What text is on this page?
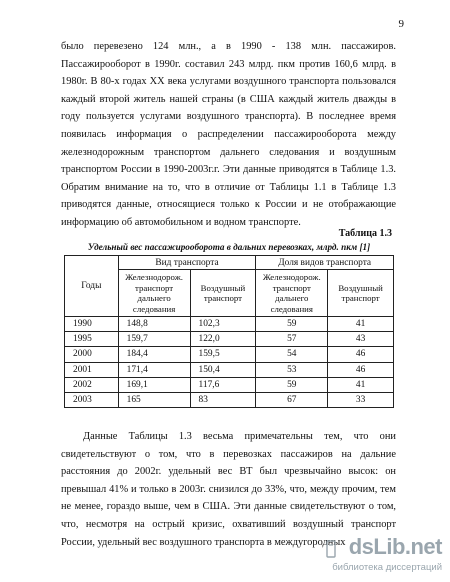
9

было перевезено 124 млн., а в 1990 - 138 млн. пассажиров. Пассажирооборот в 1990г. составил 243 млрд. пкм против 160,6 млрд. в 1980г. В 80-х годах XX века услугами воздушного транспорта пользовался каждый второй житель нашей страны (в США каждый житель дважды в году пользуется услугами воздушного транспорта). В последнее время появилась информация о распределении пассажирооборота между железнодорожным транспортом дальнего следования и воздушным транспортом России в 1990-2003г.г. Эти данные приводятся в Таблице 1.3. Обратим внимание на то, что в отличие от Таблицы 1.1 в Таблице 1.3 приводятся данные, относящиеся только к России и не отображающие информацию об автомобильном и водном транспорте.

Таблица 1.3
Удельный вес пассажирооборота в дальних перевозках, млрд. пкм [1]
Годы	Вид транспорта		Доля видов транспорта	
	Железнодорож. транспорт дальнего следования	Воздушный транспорт	Железнодорож. транспорт дальнего следования	Воздушный транспорт
1990	148,8	102,3	59	41
1995	159,7	122,0	57	43
2000	184,4	159,5	54	46
2001	171,4	150,4	53	46
2002	169,1	117,6	59	41
2003	165	83	67	33

Данные Таблицы 1.3 весьма примечательны тем, что они свидетельствуют о том, что в перевозках пассажиров на дальние расстояния до 2002г. удельный вес ВТ был чрезвычайно высок: он превышал 41% и только в 2003г. снизился до 33%, что, между прочим, тем не менее, гораздо выше, чем в США. Эти данные свидетельствуют о том, что, несмотря на острый кризис, охвативший воздушный транспорт России, удельный вес воздушного транспорта в междугородных dsLib.net
библиотека диссертаций
